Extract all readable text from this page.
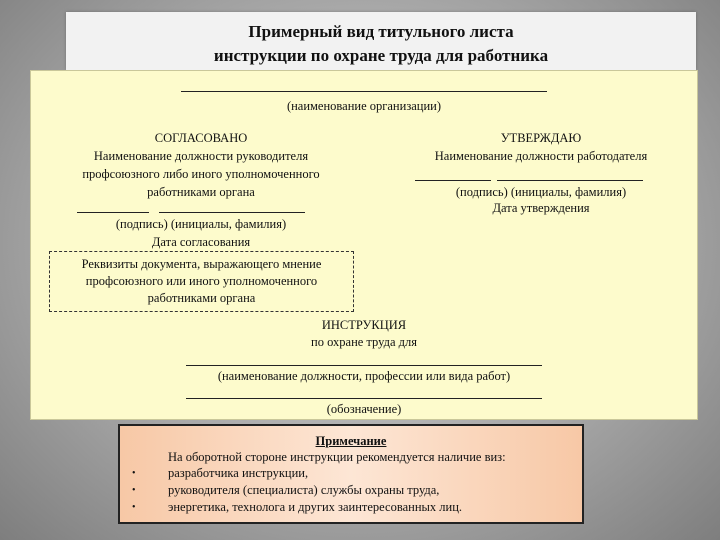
Примерный вид титульного листа
инструкции по охране труда для работника
(наименование организации)
СОГЛАСОВАНО
Наименование должности руководителя
профсоюзного либо иного уполномоченного
работниками органа
(подпись) (инициалы, фамилия)
Дата согласования
УТВЕРЖДАЮ
Наименование должности работодателя
(подпись) (инициалы, фамилия)
Дата утверждения
Реквизиты документа, выражающего мнение
профсоюзного или иного уполномоченного
работниками органа
ИНСТРУКЦИЯ
по охране труда для
(наименование должности, профессии или вида работ)
(обозначение)
Примечание
На оборотной стороне инструкции рекомендуется наличие виз:
•	разработчика инструкции,
•	руководителя (специалиста) службы охраны труда,
•	энергетика, технолога и других заинтересованных лиц.
